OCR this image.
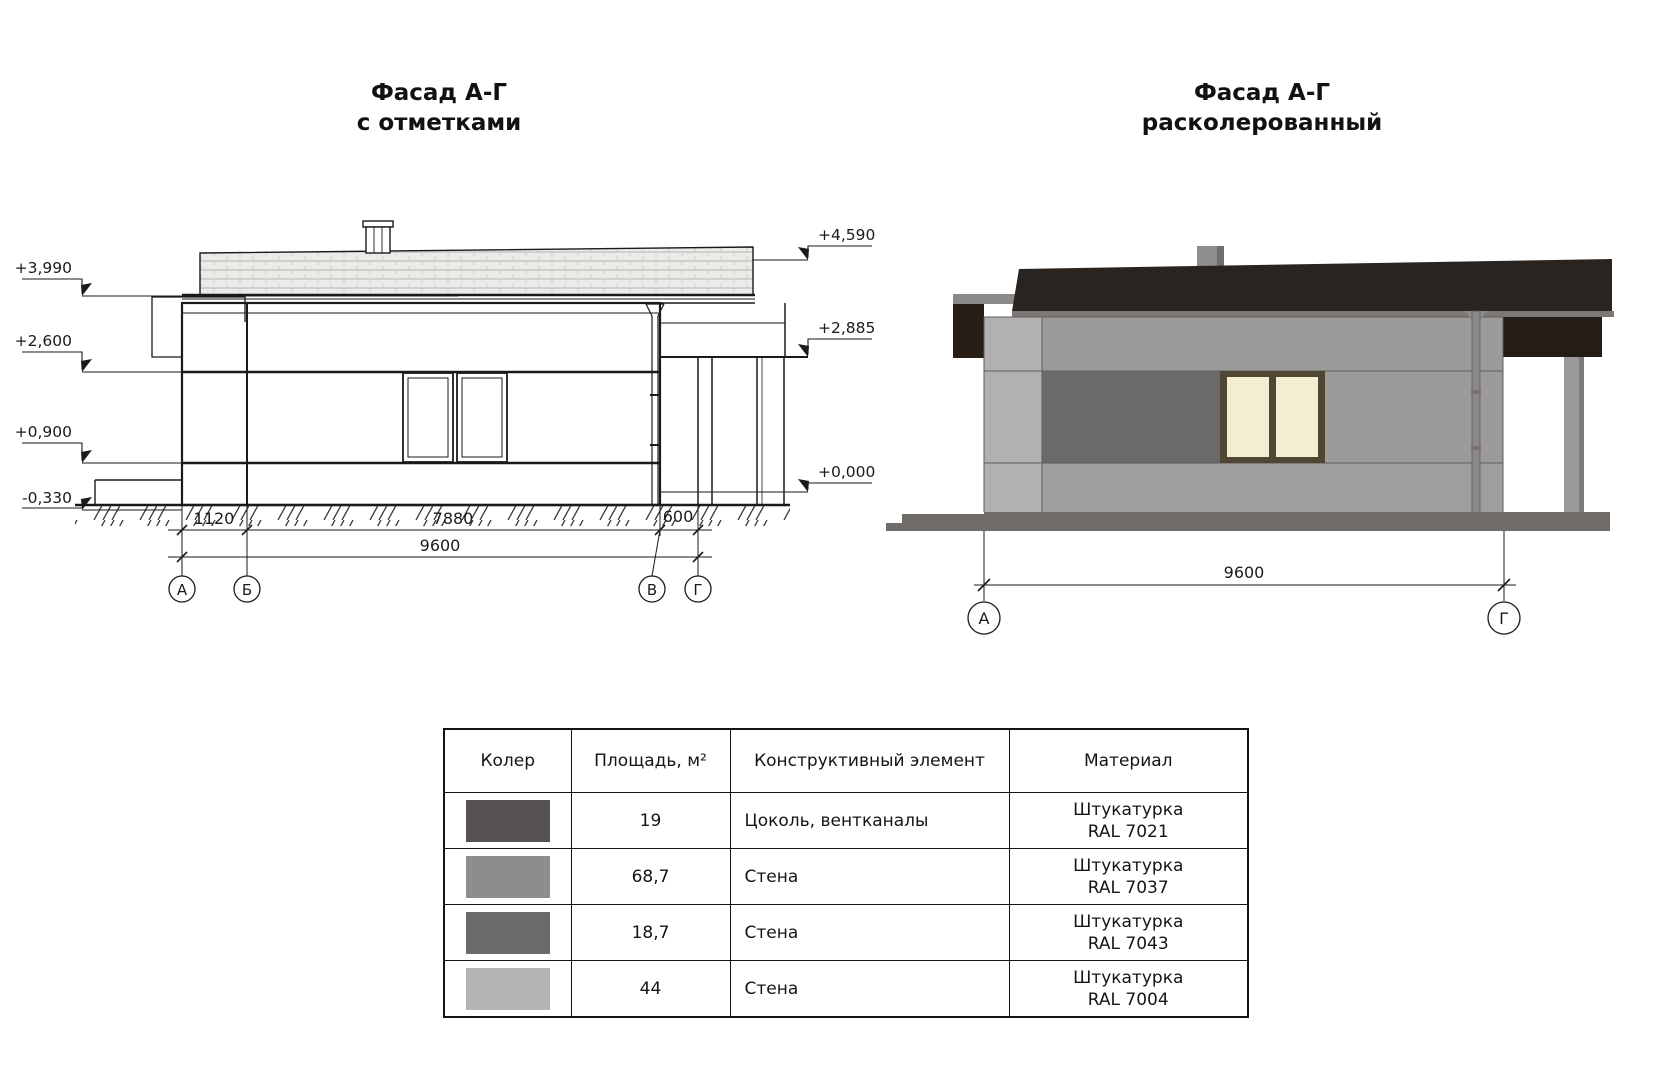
Фасад А-Г
с отметками
Фасад А-Г
расколерованный
+3,990
+2,600
+0,900
-0,330
+4,590
+2,885
+0,000
1120	7880	600
9600
А	Б	В Г
9600
А	Г
Колер	Площадь, м²	Конструктивный элемент	Материал

	19	Цоколь, вентканалы	Штукатурка
RAL 7021

	68,7	Стена	Штукатурка
RAL 7037

	18,7	Стена	Штукатурка
RAL 7043

	44	Стена	Штукатурка
RAL 7004
